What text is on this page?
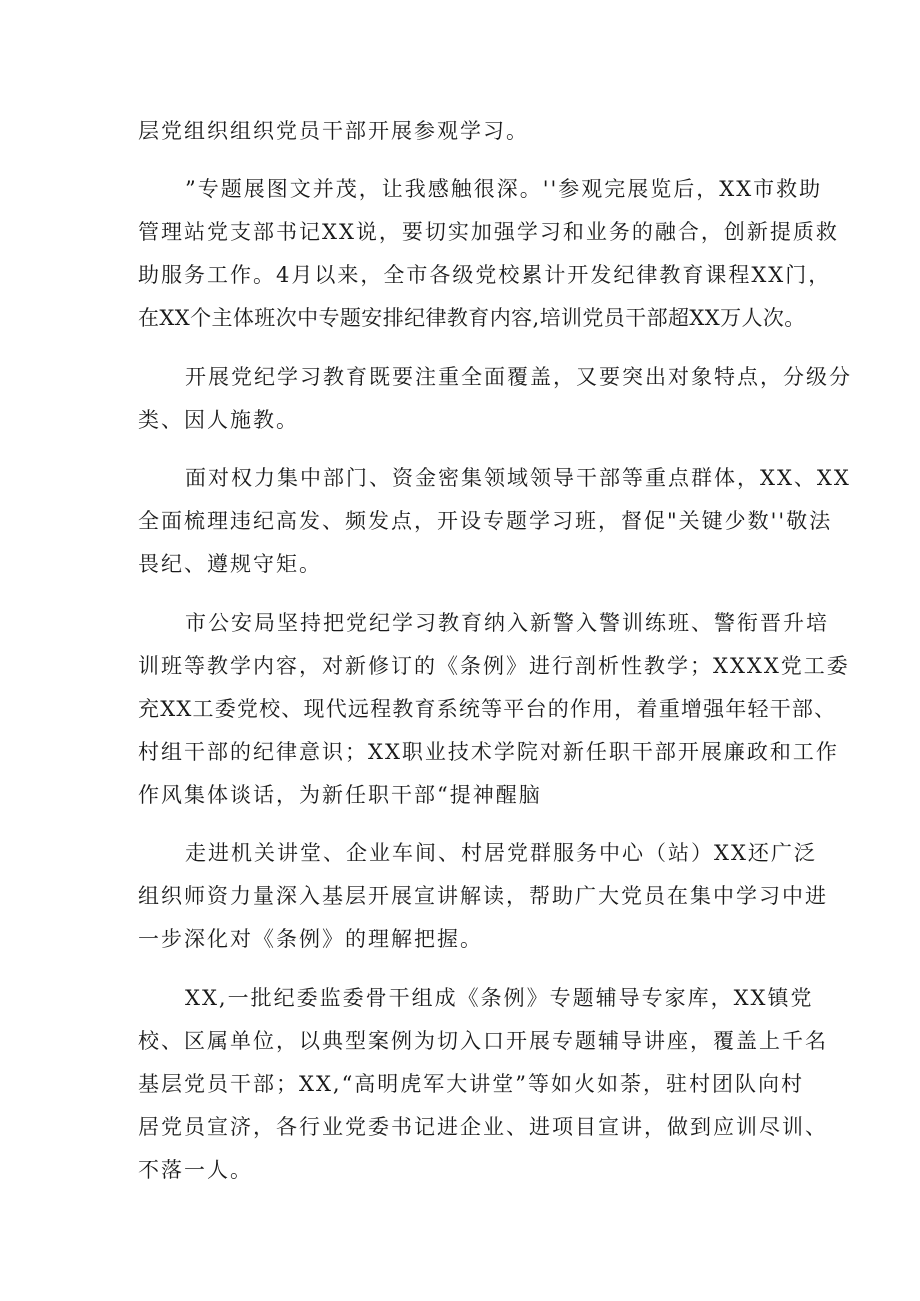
层党组织组织党员干部开展参观学习。
”专题展图文并茂，让我感触很深。''参观完展览后，XX市救助
管理站党支部书记XX说，要切实加强学习和业务的融合，创新提质救
助服务工作。4月以来，全市各级党校累计开发纪律教育课程XX门，
在XX个主体班次中专题安排纪律教育内容,培训党员干部超XX万人次。
开展党纪学习教育既要注重全面覆盖，又要突出对象特点，分级分
类、因人施教。
面对权力集中部门、资金密集领域领导干部等重点群体，XX、XX
全面梳理违纪高发、频发点，开设专题学习班，督促"关键少数''敬法
畏纪、遵规守矩。
市公安局坚持把党纪学习教育纳入新警入警训练班、警衔晋升培
训班等教学内容，对新修订的《条例》进行剖析性教学；XXXX党工委
充XX工委党校、现代远程教育系统等平台的作用，着重增强年轻干部、
村组干部的纪律意识；XX职业技术学院对新任职干部开展廉政和工作
作风集体谈话，为新任职干部“提神醒脑
走进机关讲堂、企业车间、村居党群服务中心（站）XX还广泛
组织师资力量深入基层开展宣讲解读，帮助广大党员在集中学习中进
一步深化对《条例》的理解把握。
XX,一批纪委监委骨干组成《条例》专题辅导专家库，XX镇党
校、区属单位，以典型案例为切入口开展专题辅导讲座，覆盖上千名
基层党员干部；XX,“高明虎军大讲堂”等如火如荼，驻村团队向村
居党员宣济，各行业党委书记进企业、进项目宣讲，做到应训尽训、
不落一人。
